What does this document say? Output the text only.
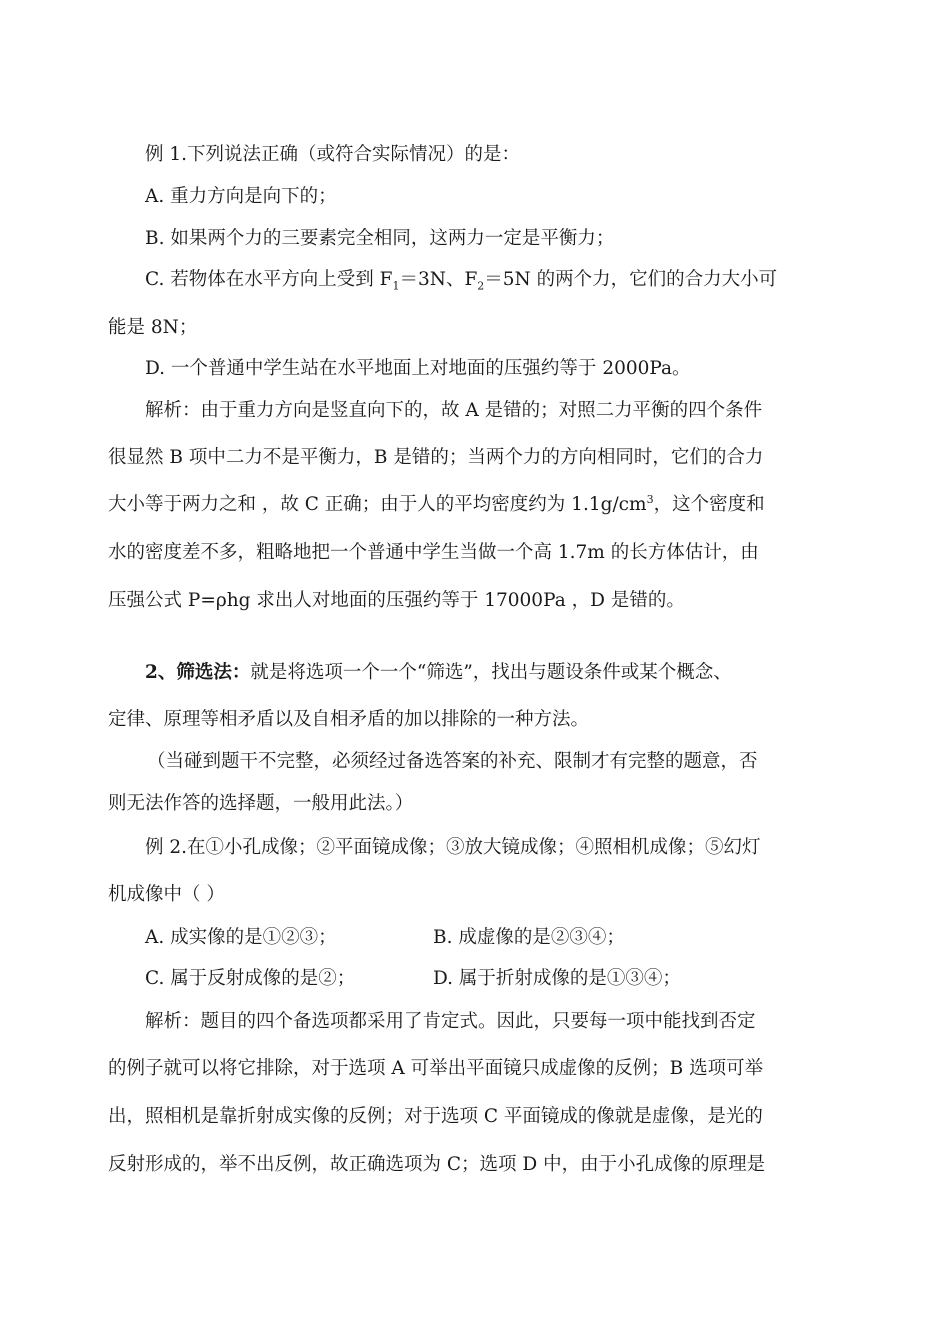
例 1.下列说法正确（或符合实际情况）的是：
A. 重力方向是向下的；
B. 如果两个力的三要素完全相同，这两力一定是平衡力；
C. 若物体在水平方向上受到 $F_1=3N$、$F_2=5N$ 的两个力，它们的合力大小可
能是 8N；
D. 一个普通中学生站在水平地面上对地面的压强约等于 2000Pa。
解析：由于重力方向是竖直向下的，故 A 是错的；对照二力平衡的四个条件
很显然 B 项中二力不是平衡力，B 是错的；当两个力的方向相同时，它们的合力
大小等于两力之和 ，故 C 正确；由于人的平均密度约为 $1.1g/cm^3$，这个密度和
水的密度差不多，粗略地把一个普通中学生当做一个高 1.7m 的长方体估计，由
压强公式 P=ρhg 求出人对地面的压强约等于 17000Pa ，D 是错的。
2、筛选法：就是将选项一个一个“筛选”，找出与题设条件或某个概念、
定律、原理等相矛盾以及自相矛盾的加以排除的一种方法。
（当碰到题干不完整，必须经过备选答案的补充、限制才有完整的题意，否
则无法作答的选择题，一般用此法。）
例 2.在①小孔成像；②平面镜成像；③放大镜成像；④照相机成像；⑤幻灯
机成像中（ ）
A. 成实像的是①②③；	B. 成虚像的是②③④；
C. 属于反射成像的是②；	D. 属于折射成像的是①③④；
解析：题目的四个备选项都采用了肯定式。因此，只要每一项中能找到否定
的例子就可以将它排除，对于选项 A 可举出平面镜只成虚像的反例；B 选项可举
出，照相机是靠折射成实像的反例；对于选项 C 平面镜成的像就是虚像，是光的
反射形成的，举不出反例，故正确选项为 C；选项 D 中，由于小孔成像的原理是
